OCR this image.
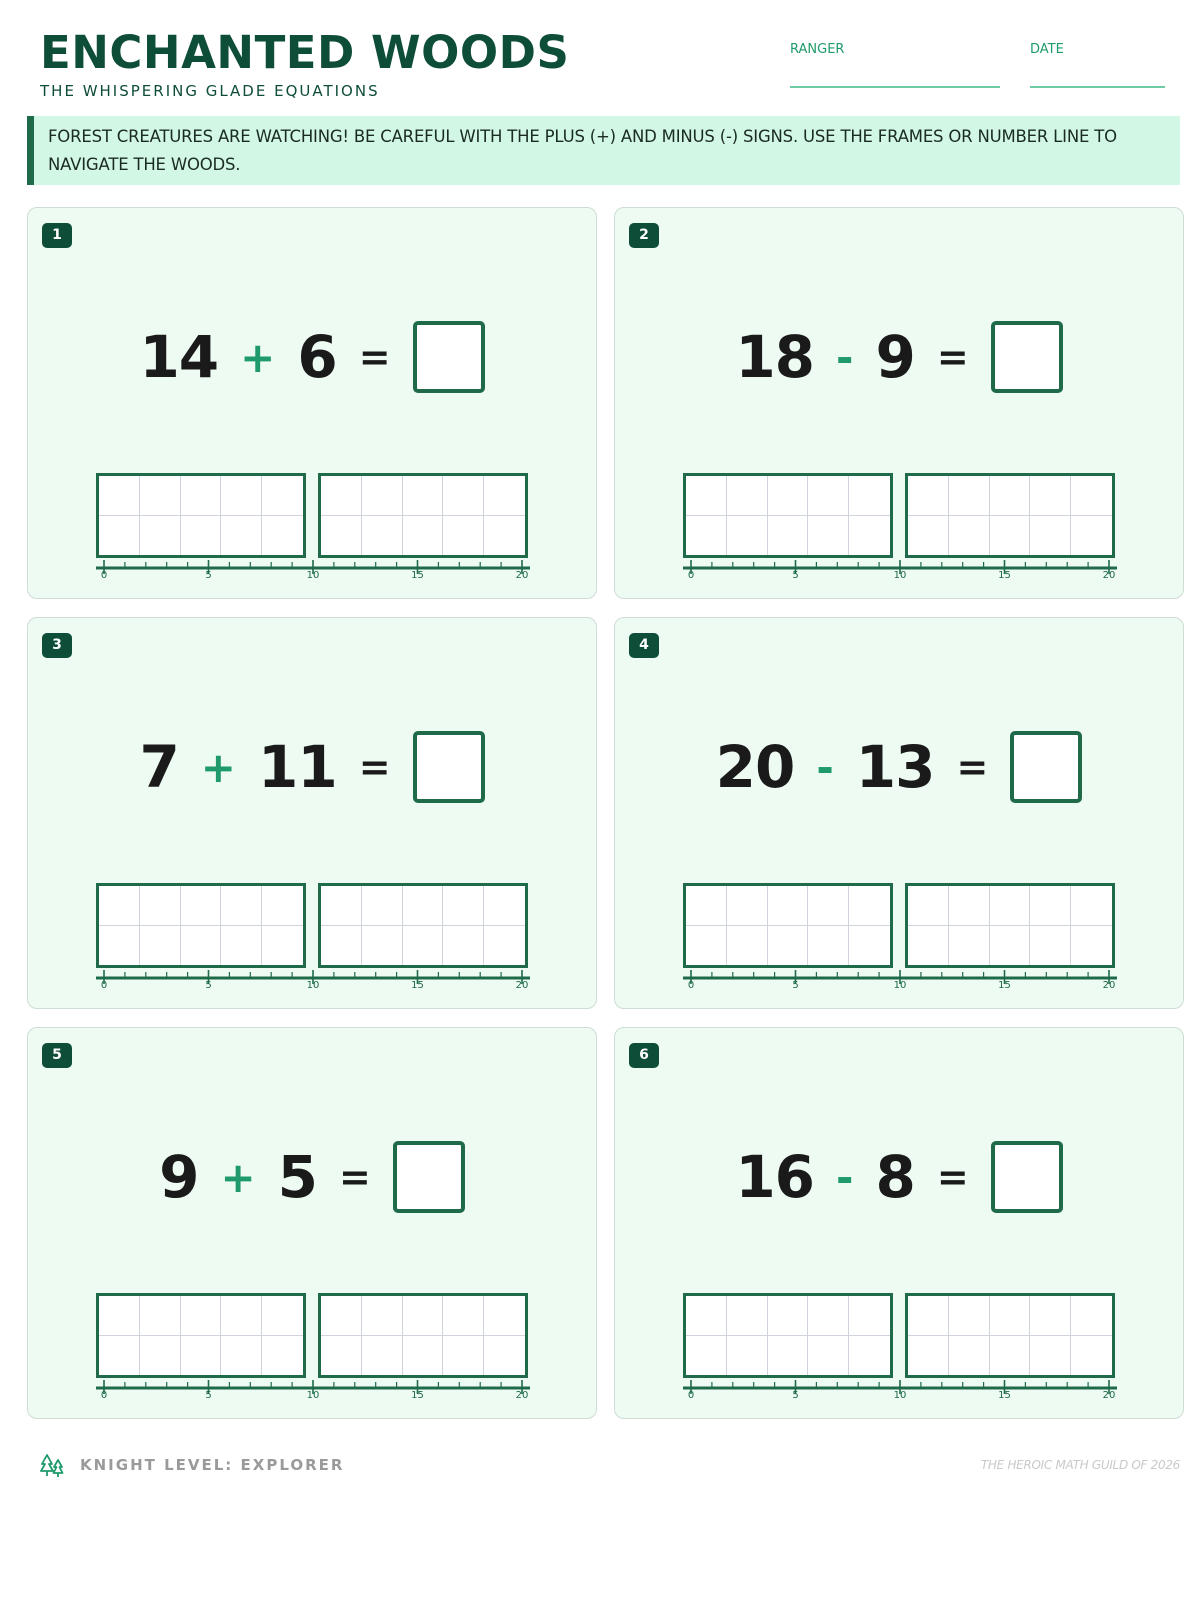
ENCHANTED WOODS
THE WHISPERING GLADE EQUATIONS
RANGER	DATE

FOREST CREATURES ARE WATCHING! BE CAREFUL WITH THE PLUS (+) AND MINUS (-) SIGNS. USE THE FRAMES OR NUMBER LINE TO NAVIGATE THE WOODS.

1
14 + 6 =
0	5	10	15	20
2
18 - 9 =
0	5	10	15	20
3
7 + 11 =
0	5	10	15	20
4
20 - 13 =
0	5	10	15	20
5
9 + 5 =
0	5	10	15	20
6
16 - 8 =
0	5	10	15	20
KNIGHT LEVEL: EXPLORER	THE HEROIC MATH GUILD OF 2026
